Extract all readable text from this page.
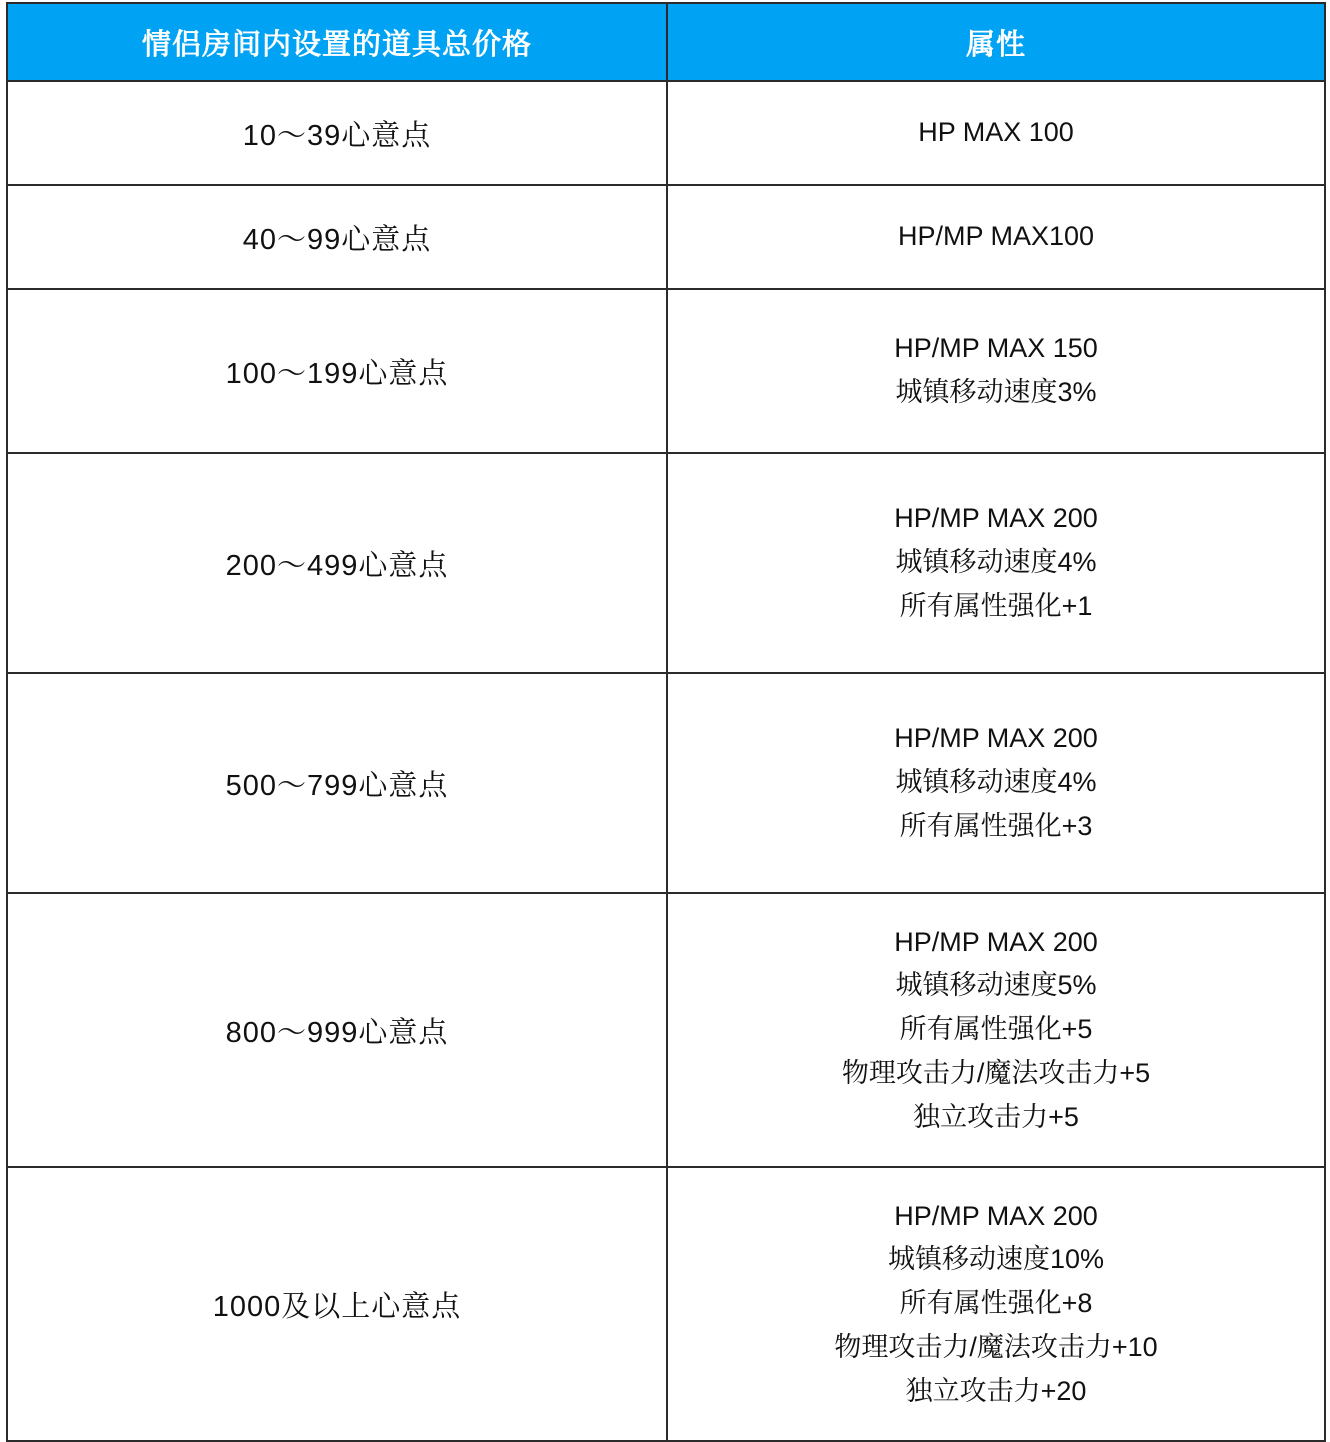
情侣房间内设置的道具总价格	属性
10～39心意点	HP MAX 100

40～99心意点	HP/MP MAX100

100～199心意点	HP/MP MAX 150
城镇移动速度3%

200～499心意点	HP/MP MAX 200
城镇移动速度4%
所有属性强化+1

500～799心意点	HP/MP MAX 200
城镇移动速度4%
所有属性强化+3

800～999心意点	HP/MP MAX 200
城镇移动速度5%
所有属性强化+5
物理攻击力/魔法攻击力+5
独立攻击力+5

1000及以上心意点	HP/MP MAX 200
城镇移动速度10%
所有属性强化+8
物理攻击力/魔法攻击力+10
独立攻击力+20
